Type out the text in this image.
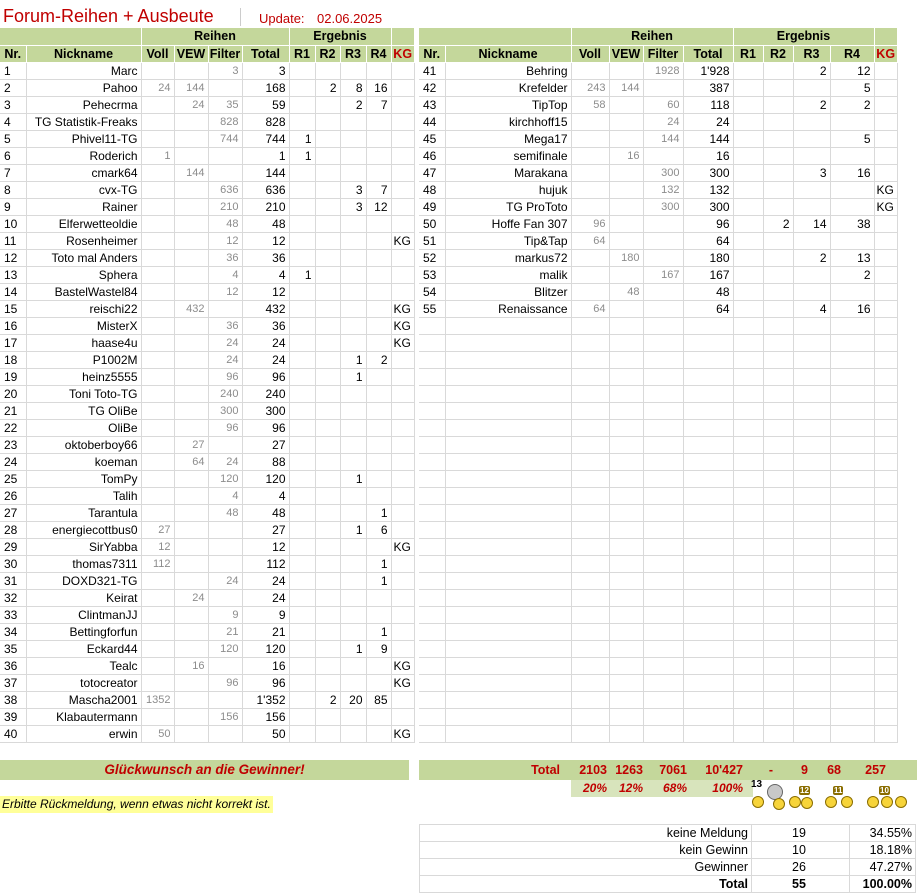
Forum-Reihen + Ausbeute	Update: 02.06.2025
		Reihen				Ergebnis				
Nr.	Nickname	Voll	VEW	Filter	Total	R1	R2	R3	R4	KG
1	Marc			3	3					
2	Pahoo	24	144		168		2	8	16	
3	Pehecrma		24	35	59			2	7	
4	TG Statistik-Freaks			828	828					
5	Phivel11-TG			744	744	1				
6	Roderich	1			1	1				
7	cmark64		144		144					
8	cvx-TG			636	636			3	7	
9	Rainer			210	210			3	12	
10	Elferwetteoldie			48	48					
11	Rosenheimer			12	12					KG
12	Toto mal Anders			36	36					
13	Sphera			4	4	1				
14	BastelWastel84			12	12					
15	reischi22		432		432					KG
16	MisterX			36	36					KG
17	haase4u			24	24					KG
18	P1002M			24	24			1	2	
19	heinz5555			96	96			1		
20	Toni Toto-TG			240	240					
21	TG OliBe			300	300					
22	OliBe			96	96					
23	oktoberboy66		27		27					
24	koeman		64	24	88					
25	TomPy			120	120			1		
26	Talih			4	4					
27	Tarantula			48	48				1	
28	energiecottbus0	27			27			1	6	
29	SirYabba	12			12					KG
30	thomas7311	112			112				1	
31	DOXD321-TG			24	24				1	
32	Keirat		24		24					
33	ClintmanJJ			9	9					
34	Bettingforfun			21	21				1	
35	Eckard44			120	120			1	9	
36	Tealc		16		16					KG
37	totocreator			96	96					KG
38	Mascha2001	1352			1'352		2	20	85	
39	Klabautermann			156	156					
40	erwin	50			50					KG
		Reihen				Ergebnis				
Nr.	Nickname	Voll	VEW	Filter	Total	R1	R2	R3	R4	KG
41	Behring			1928	1'928			2	12	
42	Krefelder	243	144		387				5	
43	TipTop	58		60	118			2	2	
44	kirchhoff15			24	24					
45	Mega17			144	144				5	
46	semifinale		16		16					
47	Marakana			300	300			3	16	
48	hujuk			132	132					KG
49	TG ProToto			300	300					KG
50	Hoffe Fan 307	96			96		2	14	38	
51	Tip&Tap	64			64					
52	markus72		180		180			2	13	
53	malik			167	167				2	
54	Blitzer		48		48					
55	Renaissance	64			64			4	16	

Glückwunsch an die Gewinner!
Erbitte Rückmeldung, wenn etwas nicht korrekt ist.
Total	2103 1263	7061	10'427	-	9	68	257
20% 12%	68%	100% 13
12	11	10
keine Meldung	19	34.55%
kein Gewinn	10	18.18%
Gewinner	26	47.27%
Total	55	100.00%
